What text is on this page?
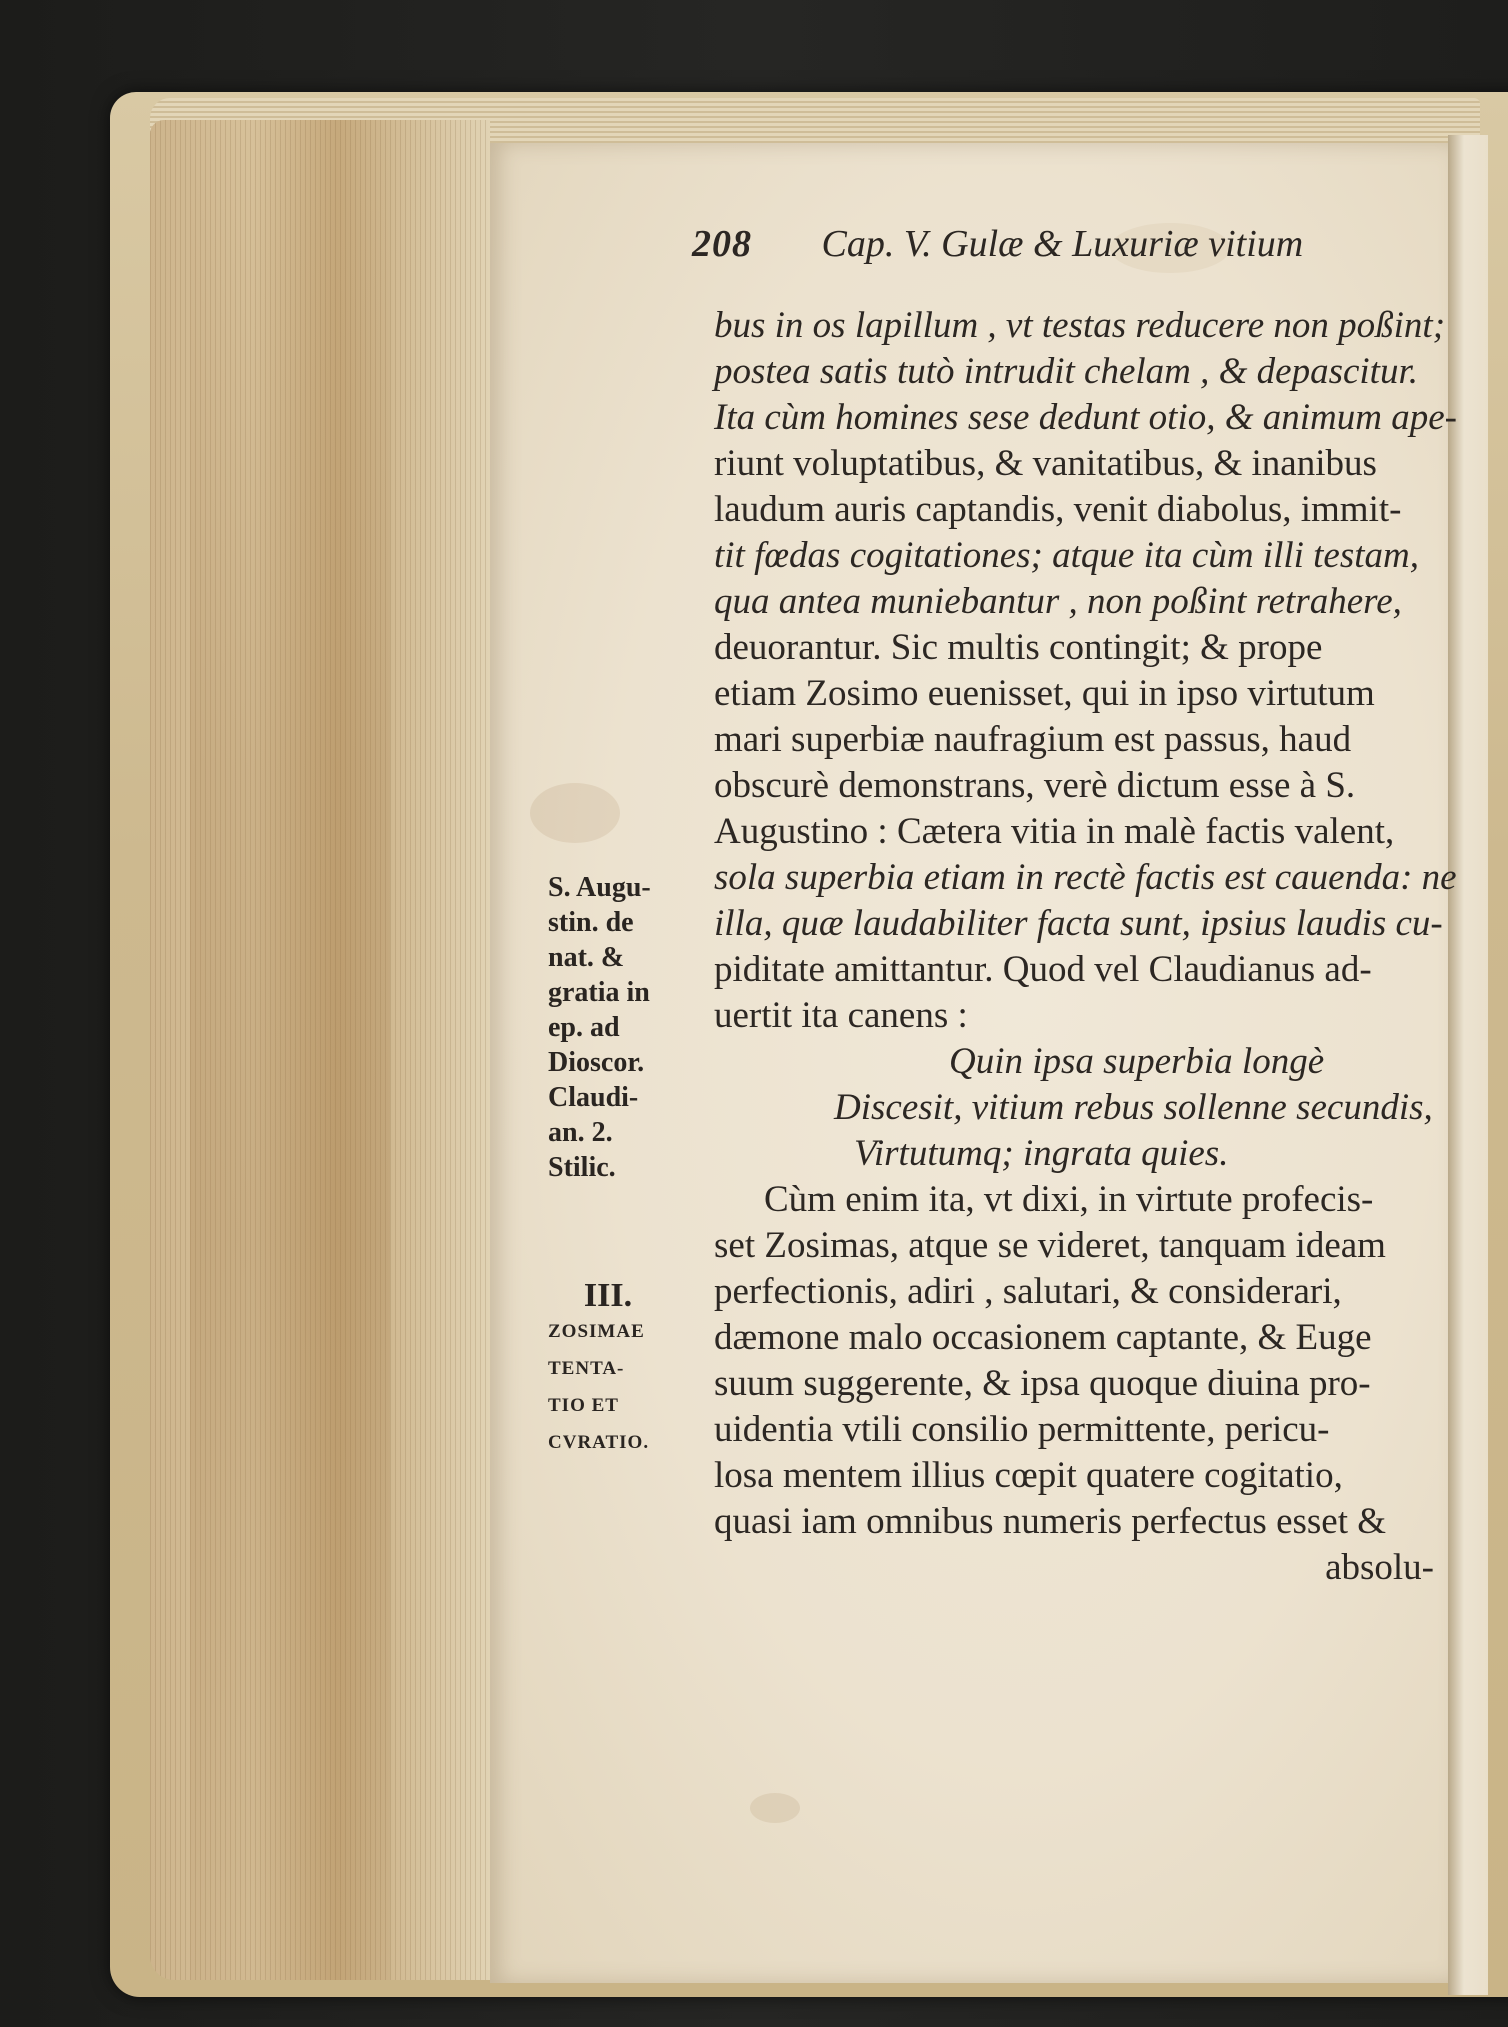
208 Cap. V. Gulæ & Luxuriæ vitium
bus in os lapillum , vt testas reducere non poßint;
postea satis tutò intrudit chelam , & depascitur.
Ita cùm homines sese dedunt otio, & animum ape-
riunt voluptatibus, & vanitatibus, & inanibus
laudum auris captandis, venit diabolus, immit-
tit fœdas cogitationes; atque ita cùm illi testam,
qua antea muniebantur , non poßint retrahere,
deuorantur. Sic multis contingit; & prope
etiam Zosimo euenisset, qui in ipso virtutum
mari superbiæ naufragium est passus, haud
obscurè demonstrans, verè dictum esse à S.
Augustino : Cætera vitia in malè factis valent,
sola superbia etiam in rectè factis est cauenda: ne
illa, quæ laudabiliter facta sunt, ipsius laudis cu-
piditate amittantur. Quod vel Claudianus ad-
uertit ita canens :
Quin ipsa superbia longè
Discesit, vitium rebus sollenne secundis,
Virtutumq; ingrata quies.
Cùm enim ita, vt dixi, in virtute profecis-
set Zosimas, atque se videret, tanquam ideam
perfectionis, adiri , salutari, & considerari,
dæmone malo occasionem captante, & Euge
suum suggerente, & ipsa quoque diuina pro-
uidentia vtili consilio permittente, pericu-
losa mentem illius cœpit quatere cogitatio,
quasi iam omnibus numeris perfectus esset &
absolu-
S. Augu-
stin. de
nat. &
gratia in
ep. ad
Dioscor.
Claudi-
an. 2.
Stilic.
III.
ZOSIMAE
TENTA-
TIO ET
CVRATIO.
